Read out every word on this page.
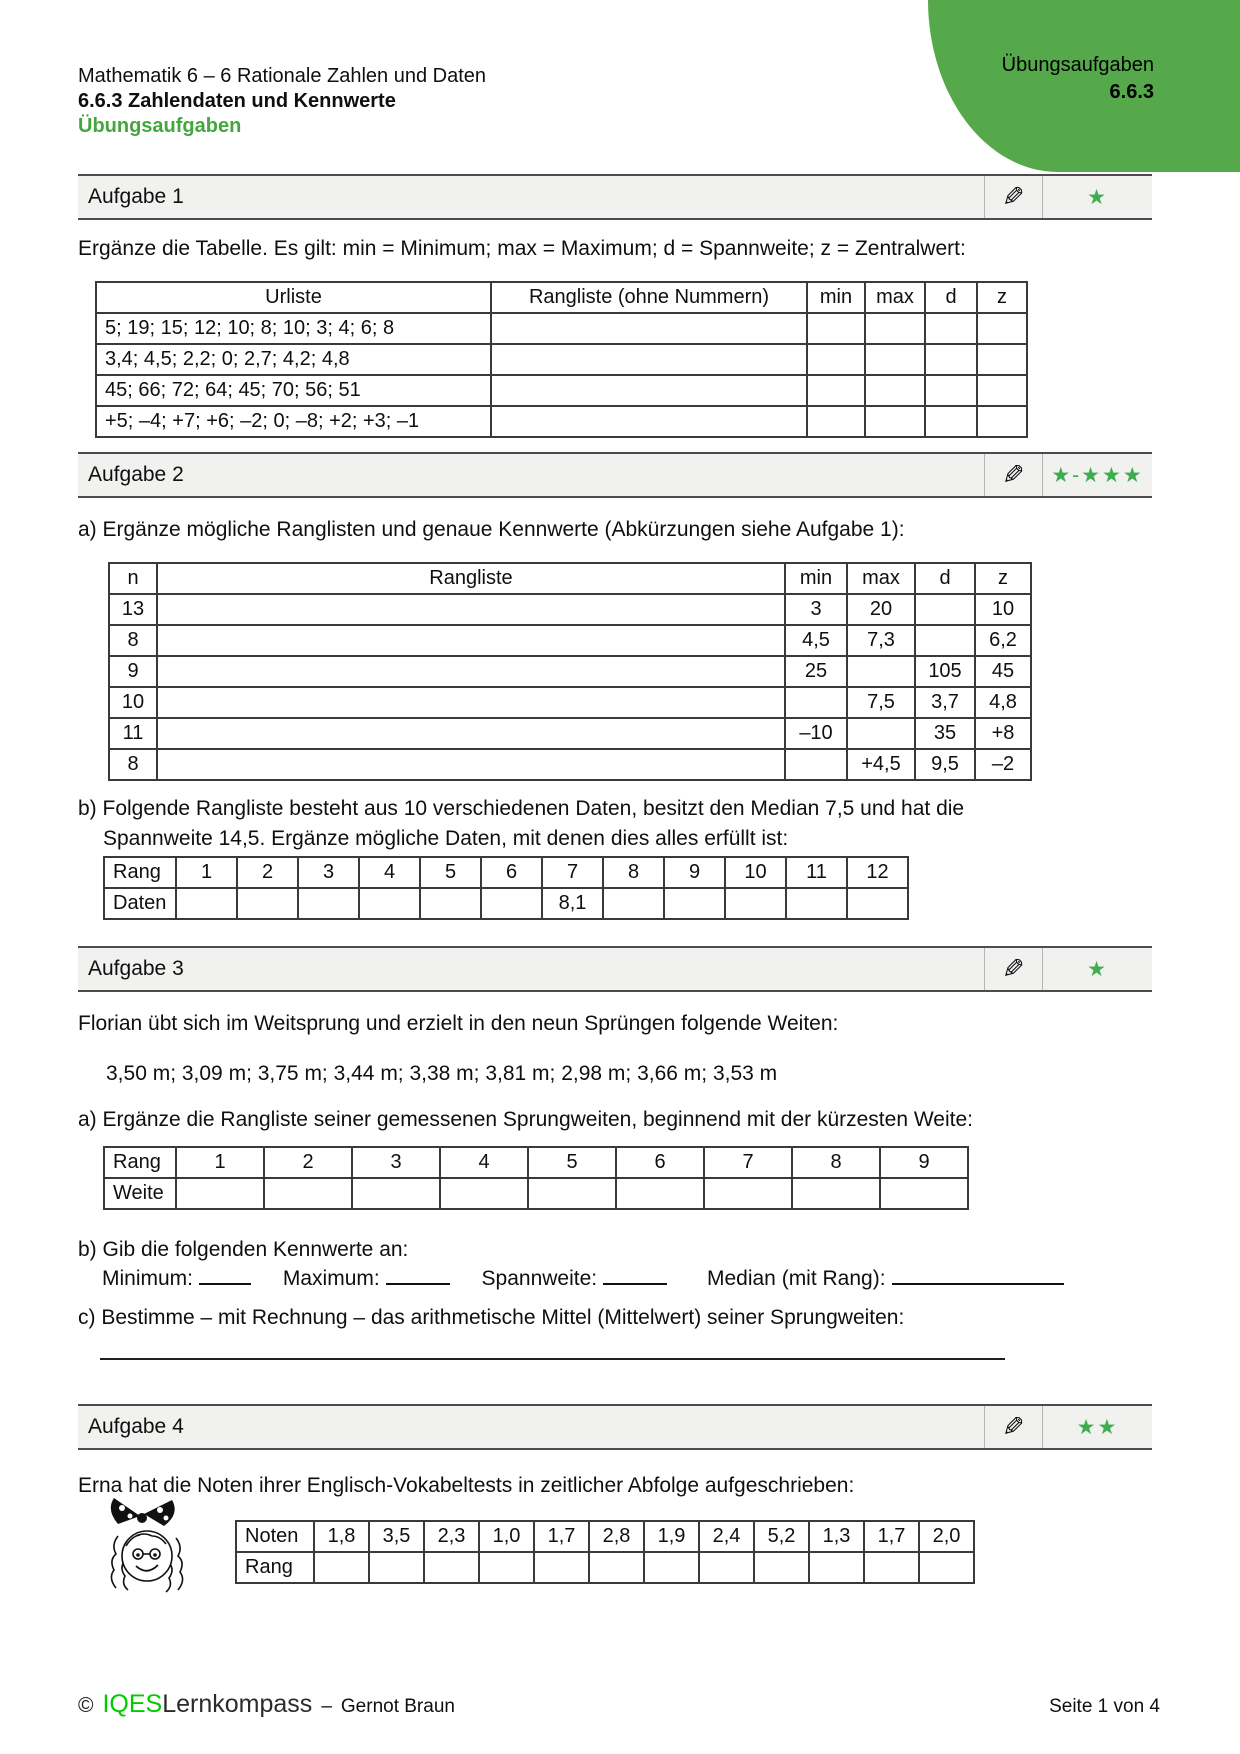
Übungsaufgaben
6.6.3
Mathematik 6 – 6 Rationale Zahlen und Daten
6.6.3 Zahlendaten und Kennwerte
Übungsaufgaben
Aufgabe 1	✎	★
Ergänze die Tabelle. Es gilt: min = Minimum; max = Maximum; d = Spannweite; z = Zentralwert:
Urliste	Rangliste (ohne Nummern)	min	max	d	z
5; 19; 15; 12; 10; 8; 10; 3; 4; 6; 8					
3,4; 4,5; 2,2; 0; 2,7; 4,2; 4,8					
45; 66; 72; 64; 45; 70; 56; 51					
+5; –4; +7; +6; –2; 0; –8; +2; +3; –1					
Aufgabe 2	✎ ★-★★★
a) Ergänze mögliche Ranglisten und genaue Kennwerte (Abkürzungen siehe Aufgabe 1):
n	Rangliste	min	max	d	z
13		3	20		10
8		4,5	7,3		6,2
9		25		105	45
10			7,5	3,7	4,8
11		–10		35	+8
8			+4,5	9,5	–2
b) Folgende Rangliste besteht aus 10 verschiedenen Daten, besitzt den Median 7,5 und hat die
Spannweite 14,5. Ergänze mögliche Daten, mit denen dies alles erfüllt ist:
Rang	1	2	3	4	5	6	7	8	9	10	11	12
Daten							8,1					
Aufgabe 3	✎	★
Florian übt sich im Weitsprung und erzielt in den neun Sprüngen folgende Weiten:
3,50 m; 3,09 m; 3,75 m; 3,44 m; 3,38 m; 3,81 m; 2,98 m; 3,66 m; 3,53 m
a) Ergänze die Rangliste seiner gemessenen Sprungweiten, beginnend mit der kürzesten Weite:
Rang	1	2	3	4	5	6	7	8	9
Weite									
b) Gib die folgenden Kennwerte an:
Minimum:	Maximum:	Spannweite:	Median (mit Rang):
c) Bestimme – mit Rechnung – das arithmetische Mittel (Mittelwert) seiner Sprungweiten:
Aufgabe 4	✎ ★★
Erna hat die Noten ihrer Englisch-Vokabeltests in zeitlicher Abfolge aufgeschrieben:
Noten	1,8	3,5	2,3	1,0	1,7	2,8	1,9	2,4	5,2	1,3	1,7	2,0
Rang												
© IQES Lernkompass – Gernot Braun	Seite 1 von 4
